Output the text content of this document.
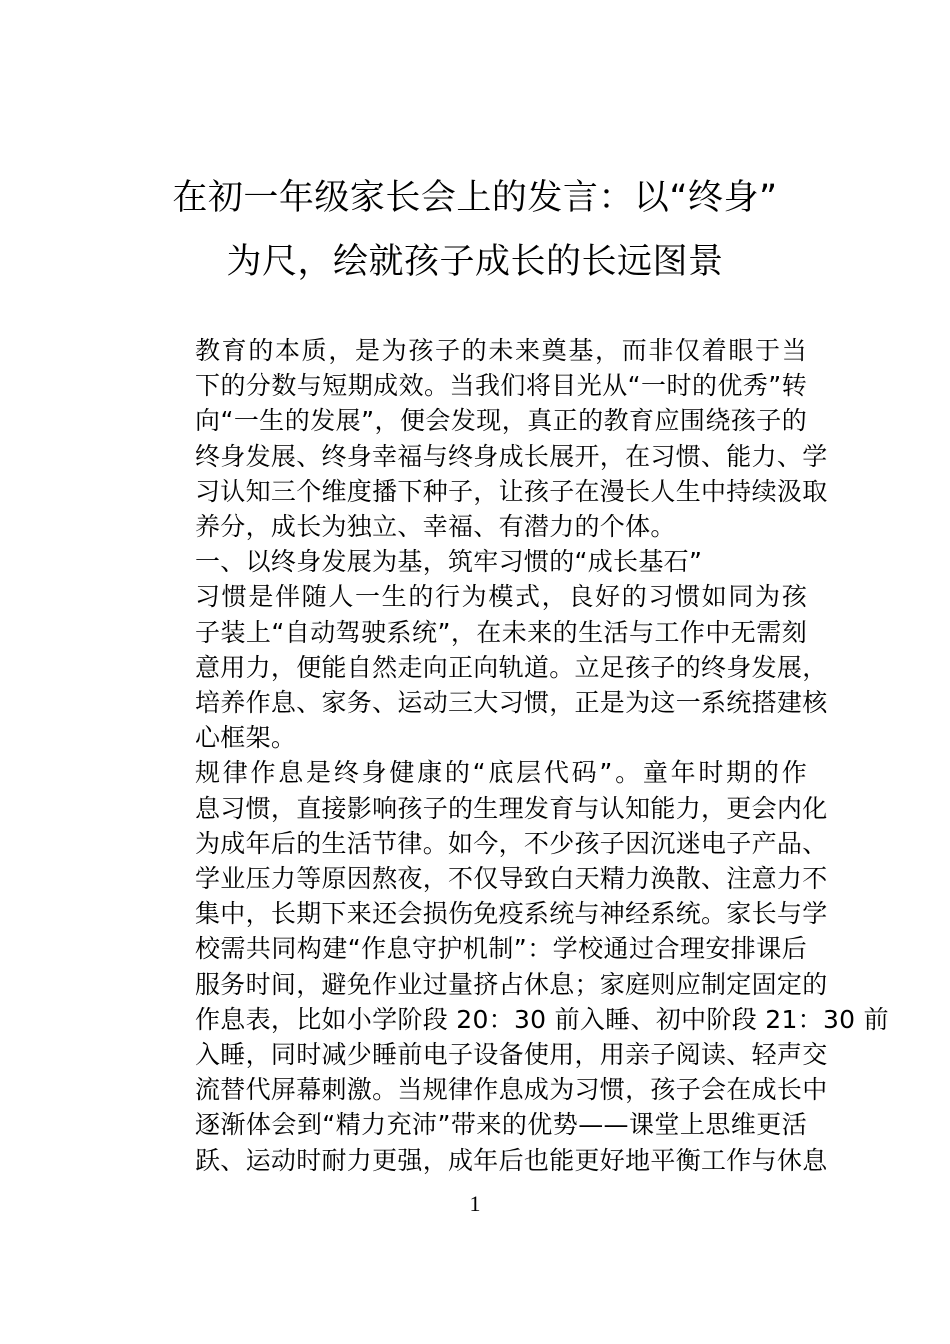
在初一年级家长会上的发言：以“终身”
为尺，绘就孩子成长的长远图景

教育的本质，是为孩子的未来奠基，而非仅着眼于当
下的分数与短期成效。当我们将目光从“一时的优秀”转
向“一生的发展”，便会发现，真正的教育应围绕孩子的
终身发展、终身幸福与终身成长展开，在习惯、能力、学
习认知三个维度播下种子，让孩子在漫长人生中持续汲取
养分，成长为独立、幸福、有潜力的个体。

一、以终身发展为基，筑牢习惯的“成长基石”

习惯是伴随人一生的行为模式，良好的习惯如同为孩
子装上“自动驾驶系统”，在未来的生活与工作中无需刻
意用力，便能自然走向正向轨道。立足孩子的终身发展，
培养作息、家务、运动三大习惯，正是为这一系统搭建核
心框架。

规律作息是终身健康的“底层代码”。童年时期的作
息习惯，直接影响孩子的生理发育与认知能力，更会内化
为成年后的生活节律。如今，不少孩子因沉迷电子产品、
学业压力等原因熬夜，不仅导致白天精力涣散、注意力不
集中，长期下来还会损伤免疫系统与神经系统。家长与学
校需共同构建“作息守护机制”：学校通过合理安排课后
服务时间，避免作业过量挤占休息；家庭则应制定固定的
作息表，比如小学阶段 20：30 前入睡、初中阶段 21：30 前
入睡，同时减少睡前电子设备使用，用亲子阅读、轻声交
流替代屏幕刺激。当规律作息成为习惯，孩子会在成长中
逐渐体会到“精力充沛”带来的优势——课堂上思维更活
跃、运动时耐力更强，成年后也能更好地平衡工作与休息

1
